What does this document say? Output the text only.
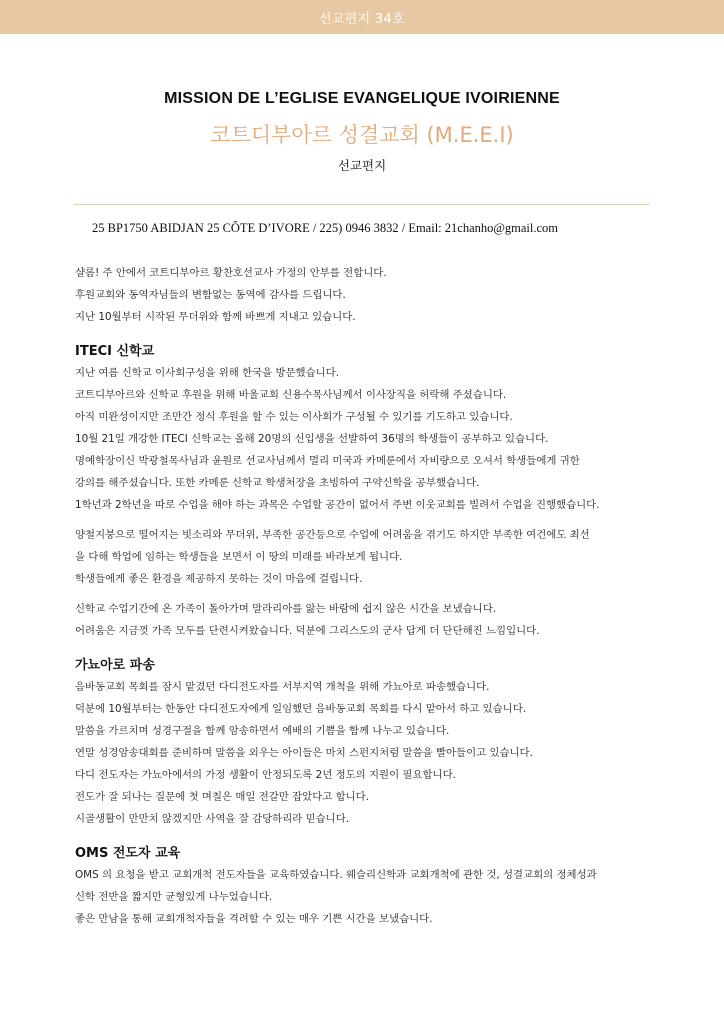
선교편지 34호
MISSION DE L’EGLISE EVANGELIQUE IVOIRIENNE
코트디부아르 성결교회 (M.E.E.I)
선교편지
25 BP1750 ABIDJAN 25 CÔTE D’IVORE / 225) 0946 3832 / Email: 21chanho@gmail.com

샬롬! 주 안에서 코트디부아르 황찬호선교사 가정의 안부를 전합니다.

후원교회와 동역자님들의 변함없는 동역에 감사를 드립니다.

지난 10월부터 시작된 무더위와 함께 바쁘게 지내고 있습니다.

ITECI 신학교

지난 여름 신학교 이사회구성을 위해 한국을 방문했습니다.

코트디부아르와 신학교 후원을 위해 바울교회 신용수목사님께서 이사장직을 허락해 주셨습니다.

아직 미완성이지만 조만간 정식 후원을 할 수 있는 이사회가 구성될 수 있기를 기도하고 있습니다.

10월 21일 개강한 ITECI 신학교는 올해 20명의 신입생을 선발하여 36명의 학생들이 공부하고 있습니다.

명예학장이신 박광철목사님과 윤원로 선교사님께서 멀리 미국과 카메룬에서 자비량으로 오셔서 학생들에게 귀한

강의를 해주셨습니다. 또한 카메룬 신학교 학생처장을 초빙하여 구약신학을 공부했습니다.

1학년과 2학년을 따로 수업을 해야 하는 과목은 수업할 공간이 없어서 주변 이웃교회를 빌려서 수업을 진행했습니다.

양철지붕으로 떨어지는 빗소리와 무더위, 부족한 공간등으로 수업에 어려움을 겪기도 하지만 부족한 여건에도 최선

을 다해 학업에 임하는 학생들을 보면서 이 땅의 미래를 바라보게 됩니다.

학생들에게 좋은 환경을 제공하지 못하는 것이 마음에 걸립니다.

신학교 수업기간에 온 가족이 돌아가며 말라리아를 앓는 바람에 쉽지 않은 시간을 보냈습니다.

어려움은 지금껏 가족 모두를 단련시켜왔습니다. 덕분에 그리스도의 군사 답게 더 단단해진 느낌입니다.

가뇨아로 파송

음바동교회 목회를 잠시 맡겼던 다디전도자를 서부지역 개척을 위해 가뇨아로 파송했습니다.

덕분에 10월부터는 한동안 다디전도자에게 일임했던 음바동교회 목회를 다시 맡아서 하고 있습니다.

말씀을 가르치며 성경구절을 함께 암송하면서 예배의 기쁨을 함께 나누고 있습니다.

연말 성경암송대회를 준비하며 말씀을 외우는 아이들은 마치 스펀지처럼 말씀을 빨아들이고 있습니다.

다디 전도자는 가뇨아에서의 가정 생활이 안정되도록 2년 정도의 지원이 필요합니다.

전도가 잘 되나는 질문에 첫 며칠은 매일 전갈만 잡았다고 합니다.

시골생활이 만만치 않겠지만 사역을 잘 감당하리라 믿습니다.

OMS 전도자 교육

OMS 의 요청을 받고 교회개척 전도자들을 교육하였습니다. 웨슬리신학과 교회개척에 관한 것, 성결교회의 정체성과

신학 전반을 짧지만 균형있게 나누었습니다.

좋은 만남을 통해 교회개척자들을 격려할 수 있는 매우 기쁜 시간을 보냈습니다.
